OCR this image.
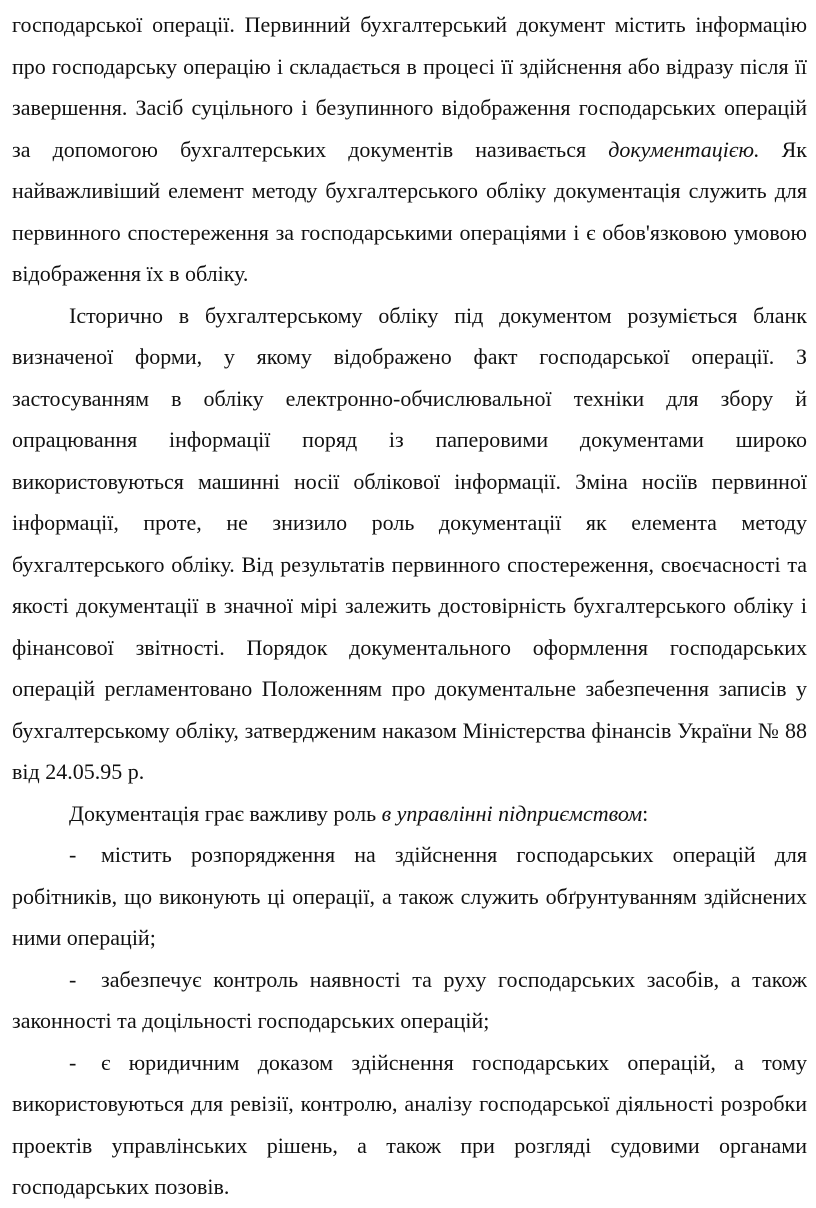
господарської операції. Первинний бухгалтерський документ містить інформацію про господарську операцію і складається в процесі її здійснення або відразу після її завершення. Засіб суцільного і безупинного відображення господарських операцій за допомогою бухгалтерських документів називається документацією. Як найважливіший елемент методу бухгалтерського обліку документація служить для первинного спостереження за господарськими операціями і є обов'язковою умовою відображення їх в обліку.

Історично в бухгалтерському обліку під документом розуміється бланк визначеної форми, у якому відображено факт господарської операції. З застосуванням в обліку електронно-обчислювальної техніки для збору й опрацювання інформації поряд із паперовими документами широко використовуються машинні носії облікової інформації. Зміна носіїв первинної інформації, проте, не знизило роль документації як елемента методу бухгалтерського обліку. Від результатів первинного спостереження, своєчасності та якості документації в значної мірі залежить достовірність бухгалтерського обліку і фінансової звітності. Порядок документального оформлення господарських операцій регламентовано Положенням про документальне забезпечення записів у бухгалтерському обліку, затвердженим наказом Міністерства фінансів України № 88 від 24.05.95 р.

Документація грає важливу роль в управлінні підприємством:

- містить розпорядження на здійснення господарських операцій для робітників, що виконують ці операції, а також служить обґрунтуванням здійснених ними операцій;

- забезпечує контроль наявності та руху господарських засобів, а також законності та доцільності господарських операцій;

- є юридичним доказом здійснення господарських операцій, а тому використовуються для ревізії, контролю, аналізу господарської діяльності розробки проектів управлінських рішень, а також при розгляді судовими органами господарських позовів.
